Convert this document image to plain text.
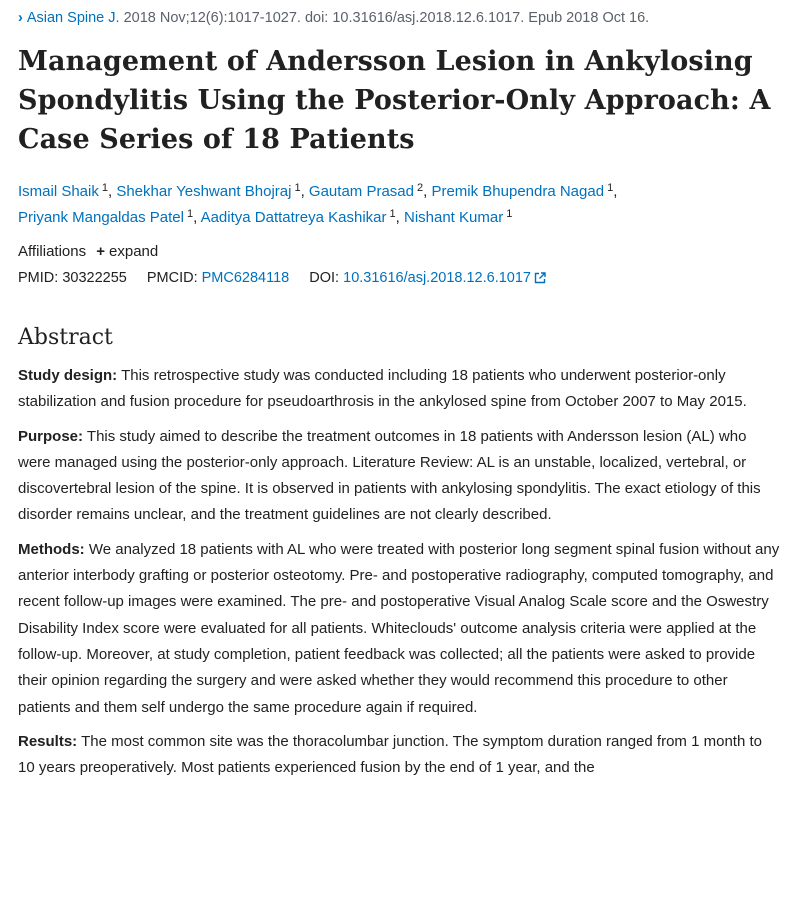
› Asian Spine J. 2018 Nov;12(6):1017-1027. doi: 10.31616/asj.2018.12.6.1017. Epub 2018 Oct 16.
Management of Andersson Lesion in Ankylosing Spondylitis Using the Posterior-Only Approach: A Case Series of 18 Patients
Ismail Shaik $^1$, Shekhar Yeshwant Bhojraj $^1$, Gautam Prasad $^2$, Premik Bhupendra Nagad $^1$,
Priyank Mangaldas Patel $^1$, Aaditya Dattatreya Kashikar $^1$, Nishant Kumar $^1$
Affiliations + expand
PMID: 30322255 PMCID: PMC6284118 DOI: 10.31616/asj.2018.12.6.1017
Abstract

Study design: This retrospective study was conducted including 18 patients who underwent posterior-only stabilization and fusion procedure for pseudoarthrosis in the ankylosed spine from October 2007 to May 2015.

Purpose: This study aimed to describe the treatment outcomes in 18 patients with Andersson lesion (AL) who were managed using the posterior-only approach. Literature Review: AL is an unstable, localized, vertebral, or discovertebral lesion of the spine. It is observed in patients with ankylosing spondylitis. The exact etiology of this disorder remains unclear, and the treatment guidelines are not clearly described.

Methods: We analyzed 18 patients with AL who were treated with posterior long segment spinal fusion without any anterior interbody grafting or posterior osteotomy. Pre- and postoperative radiography, computed tomography, and recent follow-up images were examined. The pre- and postoperative Visual Analog Scale score and the Oswestry Disability Index score were evaluated for all patients. Whiteclouds' outcome analysis criteria were applied at the follow-up. Moreover, at study completion, patient feedback was collected; all the patients were asked to provide their opinion regarding the surgery and were asked whether they would recommend this procedure to other patients and them self undergo the same procedure again if required.

Results: The most common site was the thoracolumbar junction. The symptom duration ranged from 1 month to 10 years preoperatively. Most patients experienced fusion by the end of 1 year, and the
